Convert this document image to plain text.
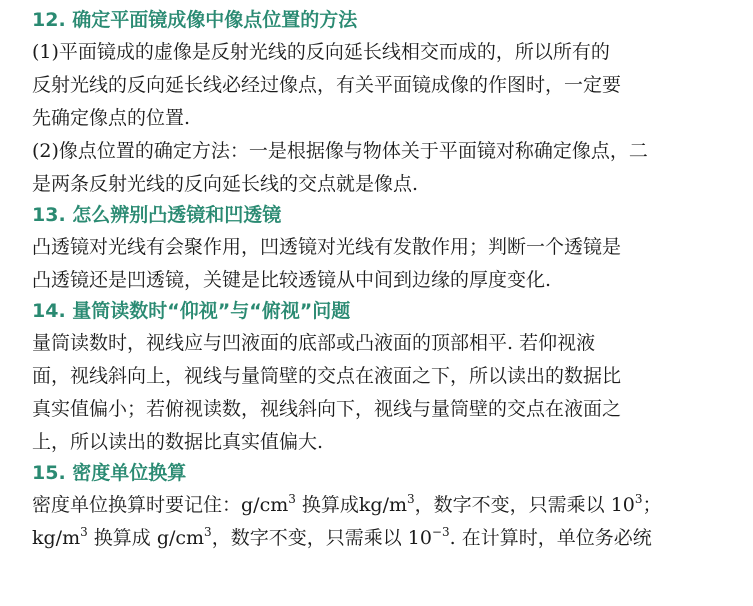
12. 确定平面镜成像中像点位置的方法
(1)平面镜成的虚像是反射光线的反向延长线相交而成的，所以所有的
反射光线的反向延长线必经过像点，有关平面镜成像的作图时，一定要
先确定像点的位置.
(2)像点位置的确定方法：一是根据像与物体关于平面镜对称确定像点，二
是两条反射光线的反向延长线的交点就是像点.
13. 怎么辨别凸透镜和凹透镜
凸透镜对光线有会聚作用，凹透镜对光线有发散作用；判断一个透镜是
凸透镜还是凹透镜，关键是比较透镜从中间到边缘的厚度变化.
14. 量筒读数时“仰视”与“俯视”问题
量筒读数时，视线应与凹液面的底部或凸液面的顶部相平. 若仰视液
面，视线斜向上，视线与量筒壁的交点在液面之下，所以读出的数据比
真实值偏小；若俯视读数，视线斜向下，视线与量筒壁的交点在液面之
上，所以读出的数据比真实值偏大.
15. 密度单位换算
密度单位换算时要记住：$g/cm^3$ 换算成$kg/m^3$，数字不变，只需乘以 $10^3$；
$kg/m^3$ 换算成 $g/cm^3$，数字不变，只需乘以 $10^{-3}$. 在计算时，单位务必统
